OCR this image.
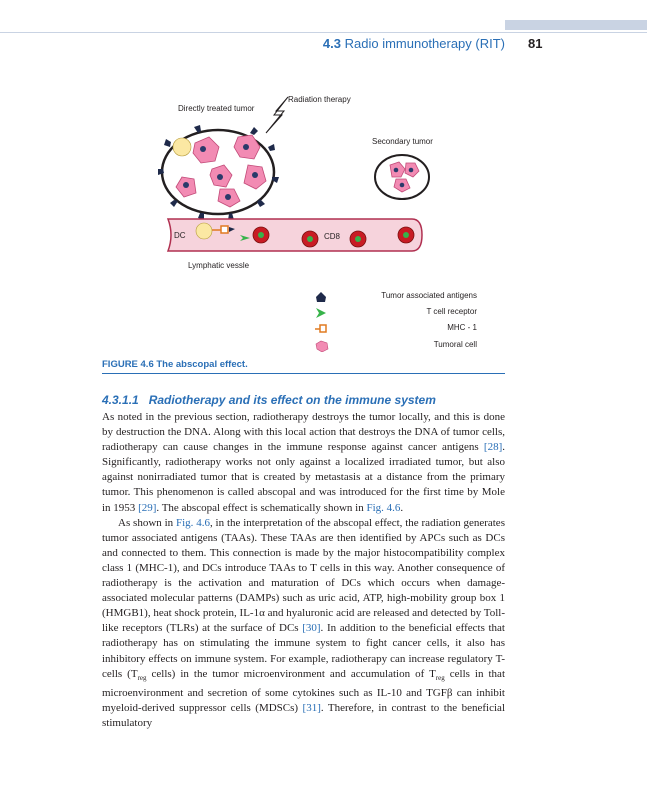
4.3 Radio immunotherapy (RIT) 81
Directly treated tumor
Radiation therapy
Secondary tumor
DC	CD8
Lymphatic vessle
Tumor associated antigens
T cell receptor
MHC - 1
Tumoral cell
FIGURE 4.6 The abscopal effect.
4.3.1.1 Radiotherapy and its effect on the immune system

As noted in the previous section, radiotherapy destroys the tumor locally, and this is done by destruction the DNA. Along with this local action that destroys the DNA of tumor cells, radiotherapy can cause changes in the immune response against cancer antigens [28]. Significantly, radiotherapy works not only against a localized irradiated tumor, but also against nonirradiated tumor that is created by metastasis at a distance from the primary tumor. This phenomenon is called abscopal and was introduced for the first time by Mole in 1953 [29]. The abscopal effect is schematically shown in Fig. 4.6.

As shown in Fig. 4.6, in the interpretation of the abscopal effect, the radiation generates tumor associated antigens (TAAs). These TAAs are then identified by APCs such as DCs and connected to them. This connection is made by the major histocompatibility complex class 1 (MHC-1), and DCs introduce TAAs to T cells in this way. Another consequence of radiotherapy is the activation and maturation of DCs which occurs when damage-associated molecular patterns (DAMPs) such as uric acid, ATP, high-mobility group box 1 (HMGB1), heat shock protein, IL-1α and hyaluronic acid are released and detected by Toll-like receptors (TLRs) at the surface of DCs [30]. In addition to the beneficial effects that radiotherapy has on stimulating the immune system to fight cancer cells, it also has inhibitory effects on immune system. For example, radiotherapy can increase regulatory T-cells ($T_{reg}$ cells) in the tumor microenvironment and accumulation of $T_{reg}$ cells in that microenvironment and secretion of some cytokines such as IL-10 and TGFβ can inhibit myeloid-derived suppressor cells (MDSCs) [31]. Therefore, in contrast to the beneficial stimulatory
